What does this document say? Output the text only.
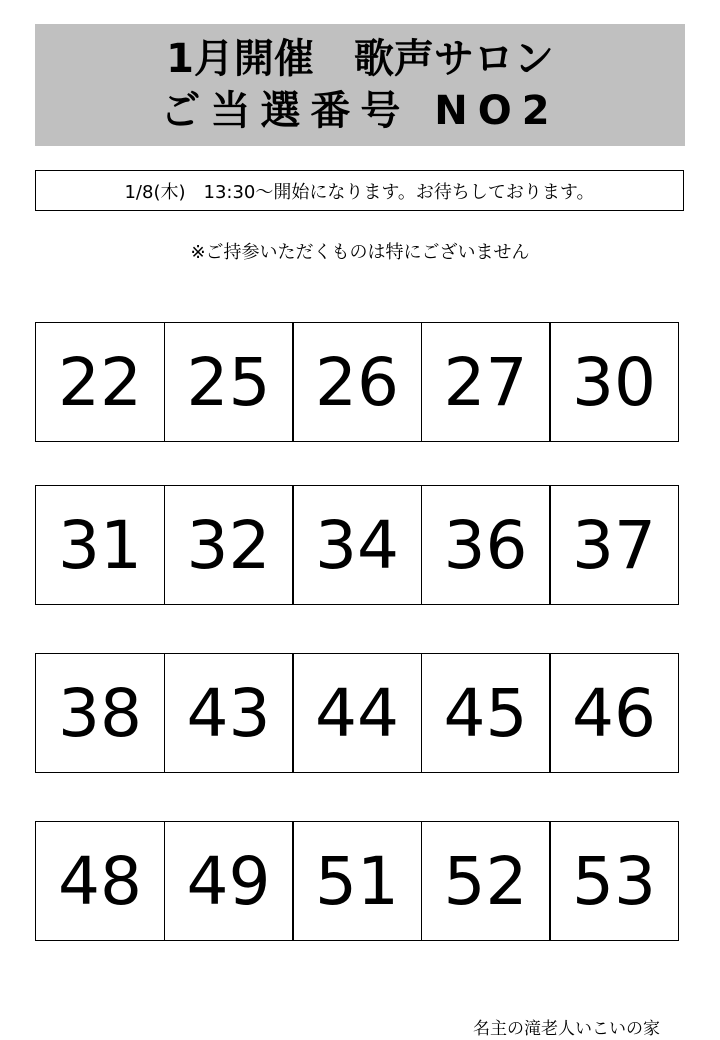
1月開催　歌声サロン
ご当選番号 NO2
1/8(木)　13:30～開始になります。お待ちしております。
※ご持参いただくものは特にございません
22 25 26 27 30
31 32 34 36 37
38 43 44 45 46
48 49 51 52 53
名主の滝老人いこいの家
